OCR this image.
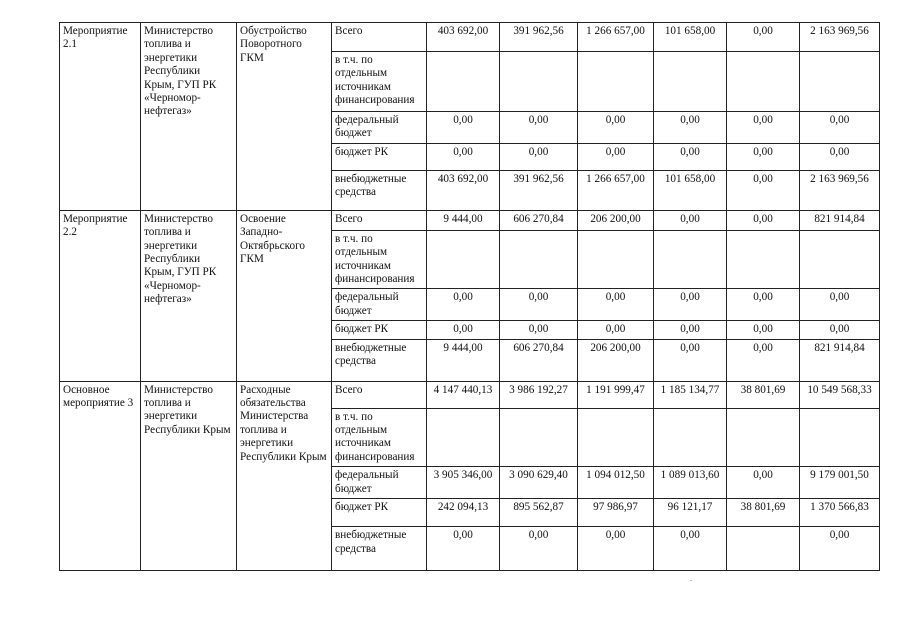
Мероприятие 2.1	Министерство топлива и энергетики Республики Крым, ГУП РК «Черномор-нефтегаз»	Обустройство Поворотного ГКМ	Всего	403 692,00	391 962,56	1 266 657,00	101 658,00	0,00	2 163 969,56
			в т.ч. по отдельным источникам финансирования						
			федеральный бюджет	0,00	0,00	0,00	0,00	0,00	0,00
			бюджет РК	0,00	0,00	0,00	0,00	0,00	0,00
			внебюджетные средства	403 692,00	391 962,56	1 266 657,00	101 658,00	0,00	2 163 969,56
Мероприятие 2.2	Министерство топлива и энергетики Республики Крым, ГУП РК «Черномор-нефтегаз»	Освоение Западно-Октябрьского ГКМ	Всего	9 444,00	606 270,84	206 200,00	0,00	0,00	821 914,84
			в т.ч. по отдельным источникам финансирования						
			федеральный бюджет	0,00	0,00	0,00	0,00	0,00	0,00
			бюджет РК	0,00	0,00	0,00	0,00	0,00	0,00
			внебюджетные средства	9 444,00	606 270,84	206 200,00	0,00	0,00	821 914,84
Основное мероприятие 3	Министерство топлива и энергетики Республики Крым	Расходные обязательства Министерства топлива и энергетики Республики Крым	Всего	4 147 440,13	3 986 192,27	1 191 999,47	1 185 134,77	38 801,69	10 549 568,33
			в т.ч. по отдельным источникам финансирования						
			федеральный бюджет	3 905 346,00	3 090 629,40	1 094 012,50	1 089 013,60	0,00	9 179 001,50
			бюджет РК	242 094,13	895 562,87	97 986,97	96 121,17	38 801,69	1 370 566,83
			внебюджетные средства	0,00	0,00	0,00	0,00		0,00
